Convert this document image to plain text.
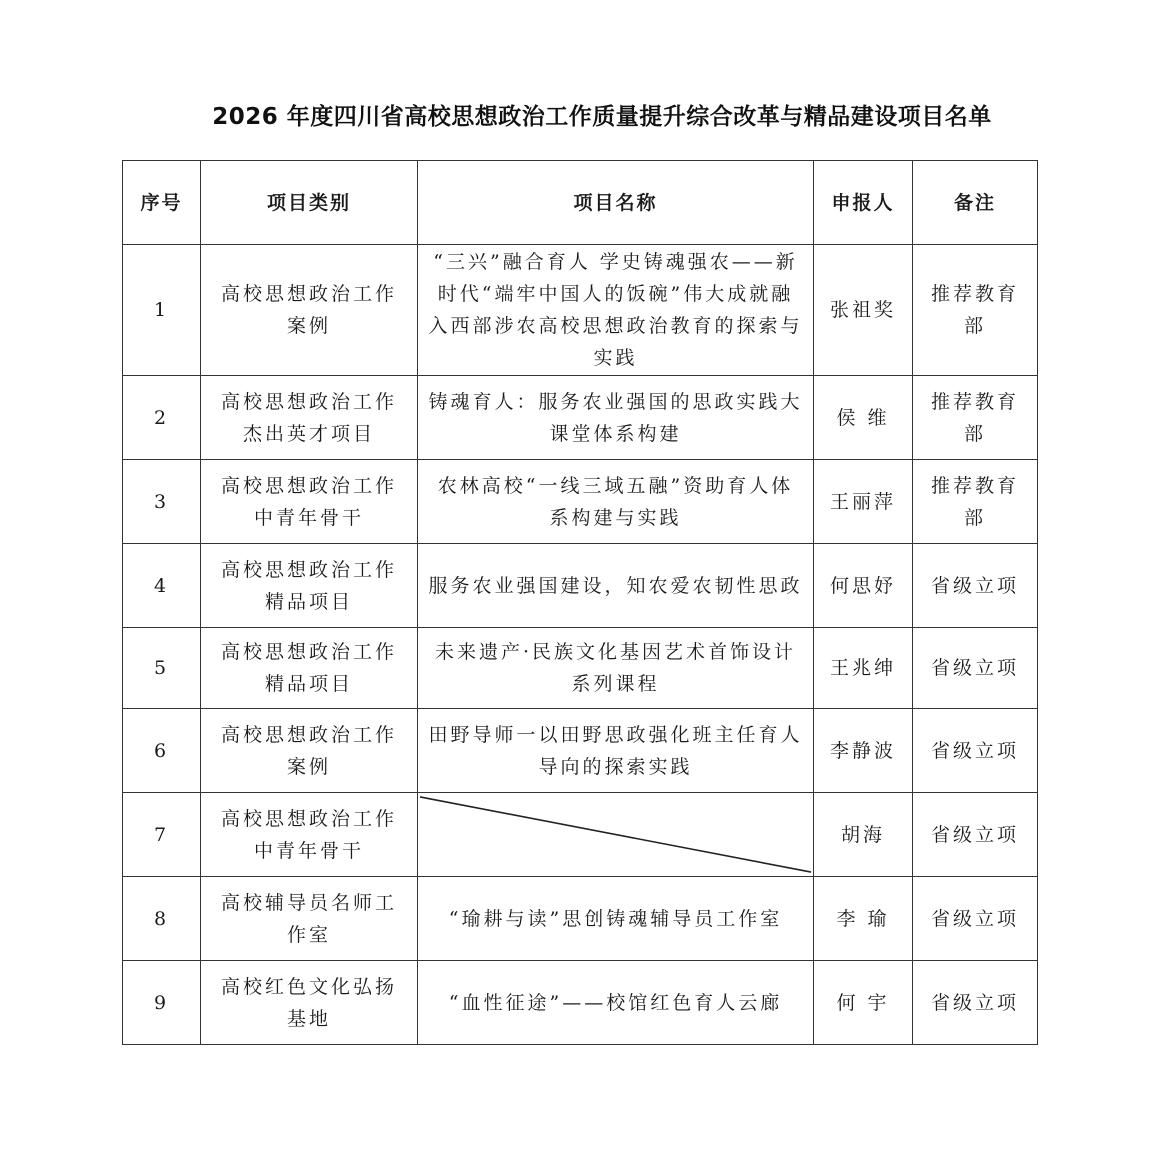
2026 年度四川省高校思想政治工作质量提升综合改革与精品建设项目名单
序号	项目类别	项目名称	申报人	备注
1	高校思想政治工作案例	“三兴”融合育人 学史铸魂强农——新时代“端牢中国人的饭碗”伟大成就融入西部涉农高校思想政治教育的探索与实践	张祖奖	推荐教育部
2	高校思想政治工作杰出英才项目	铸魂育人：服务农业强国的思政实践大课堂体系构建	侯 维	推荐教育部
3	高校思想政治工作中青年骨干	农林高校“一线三域五融”资助育人体系构建与实践	王丽萍	推荐教育部
4	高校思想政治工作精品项目	服务农业强国建设，知农爱农韧性思政	何思妤	省级立项
5	高校思想政治工作精品项目	未来遗产·民族文化基因艺术首饰设计系列课程	王兆绅	省级立项
6	高校思想政治工作案例	田野导师一以田野思政强化班主任育人导向的探索实践	李静波	省级立项
7	高校思想政治工作中青年骨干		胡海	省级立项
8	高校辅导员名师工作室	“瑜耕与读”思创铸魂辅导员工作室	李 瑜	省级立项
9	高校红色文化弘扬基地	“血性征途”——校馆红色育人云廊	何 宇	省级立项
